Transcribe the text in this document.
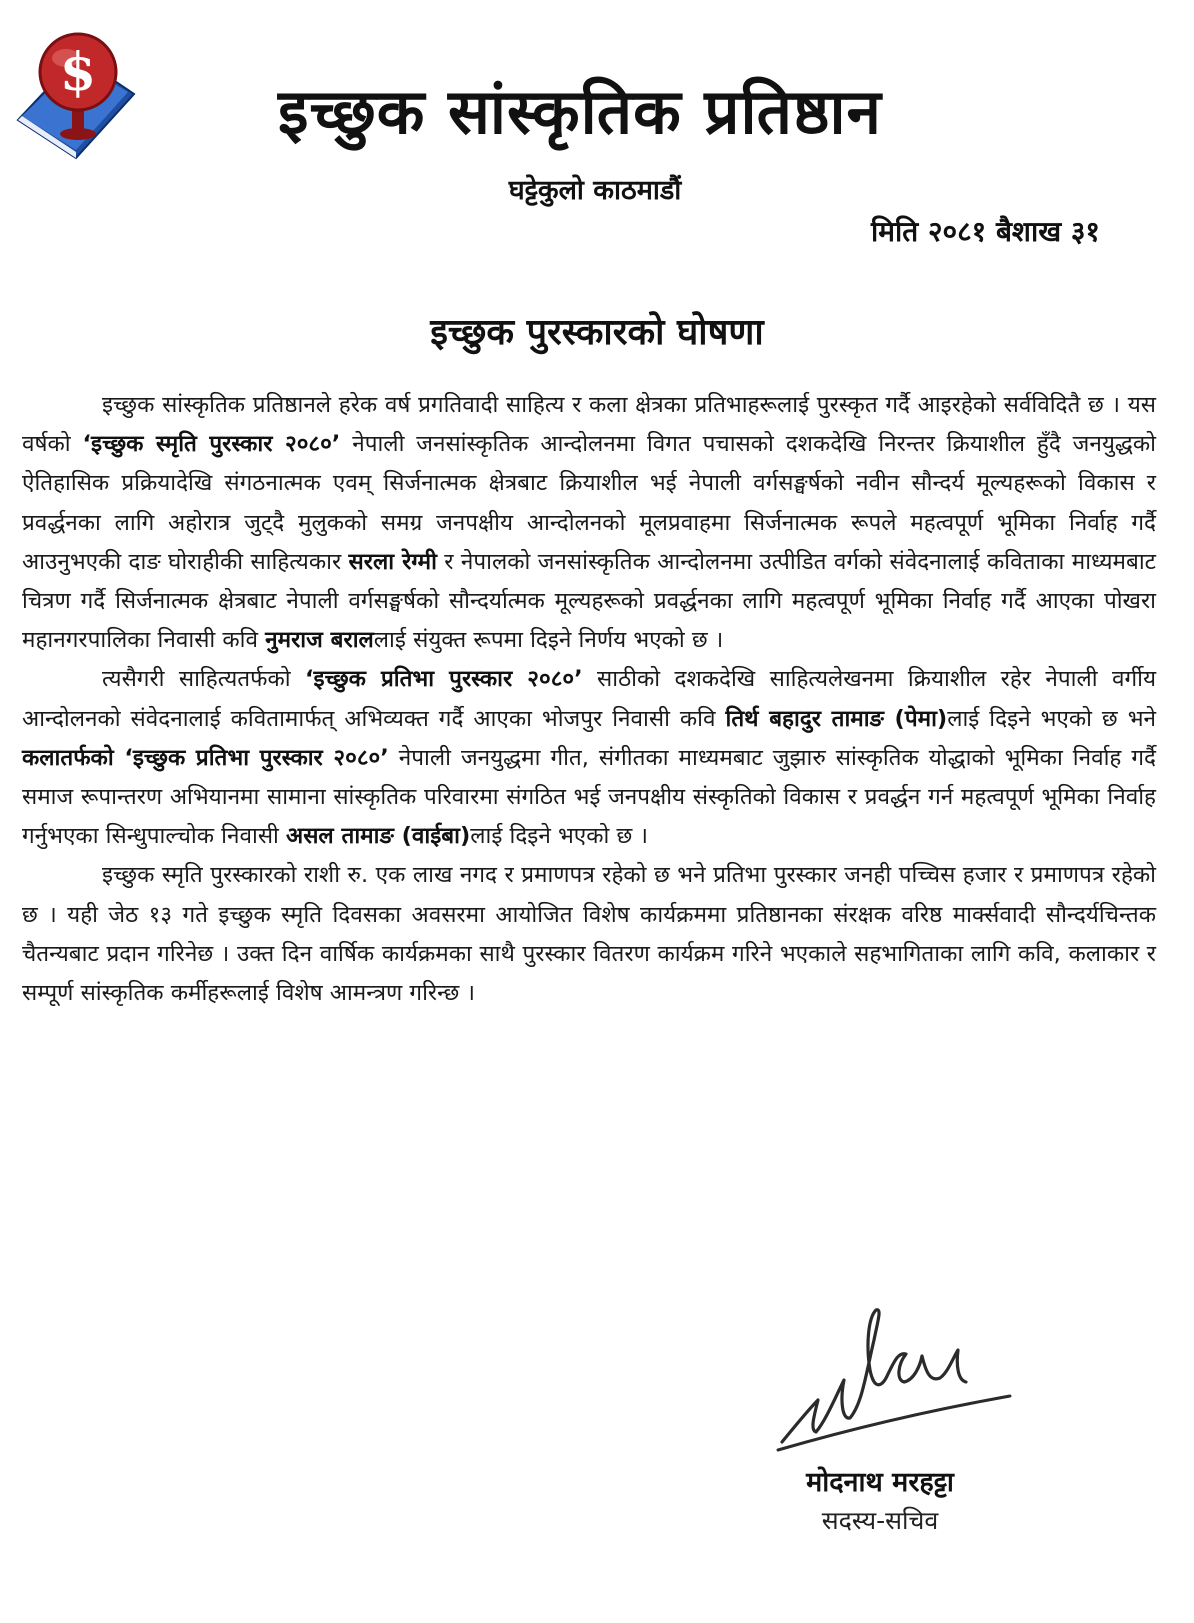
$
इच्छुक सांस्कृतिक प्रतिष्ठान
घट्टेकुलो काठमाडौं
मिति २०८१ बैशाख ३१
इच्छुक पुरस्कारको घोषणा

इच्छुक सांस्कृतिक प्रतिष्ठानले हरेक वर्ष प्रगतिवादी साहित्य र कला क्षेत्रका प्रतिभाहरूलाई पुरस्कृत गर्दै आइरहेको सर्वविदितै छ । यस वर्षको ‘इच्छुक स्मृति पुरस्कार २०८०’ नेपाली जनसांस्कृतिक आन्दोलनमा विगत पचासको दशकदेखि निरन्तर क्रियाशील हुँदै जनयुद्धको ऐतिहासिक प्रक्रियादेखि संगठनात्मक एवम् सिर्जनात्मक क्षेत्रबाट क्रियाशील भई नेपाली वर्गसङ्घर्षको नवीन सौन्दर्य मूल्यहरूको विकास र प्रवर्द्धनका लागि अहोरात्र जुट्दै मुलुकको समग्र जनपक्षीय आन्दोलनको मूलप्रवाहमा सिर्जनात्मक रूपले महत्वपूर्ण भूमिका निर्वाह गर्दै आउनुभएकी दाङ घोराहीकी साहित्यकार सरला रेग्मी र नेपालको जनसांस्कृतिक आन्दोलनमा उत्पीडित वर्गको संवेदनालाई कविताका माध्यमबाट चित्रण गर्दै सिर्जनात्मक क्षेत्रबाट नेपाली वर्गसङ्घर्षको सौन्दर्यात्मक मूल्यहरूको प्रवर्द्धनका लागि महत्वपूर्ण भूमिका निर्वाह गर्दै आएका पोखरा महानगरपालिका निवासी कवि नुमराज बराललाई संयुक्त रूपमा दिइने निर्णय भएको छ ।

त्यसैगरी साहित्यतर्फको ‘इच्छुक प्रतिभा पुरस्कार २०८०’ साठीको दशकदेखि साहित्यलेखनमा क्रियाशील रहेर नेपाली वर्गीय आन्दोलनको संवेदनालाई कवितामार्फत् अभिव्यक्त गर्दै आएका भोजपुर निवासी कवि तिर्थ बहादुर तामाङ (पेमा)लाई दिइने भएको छ भने कलातर्फको ‘इच्छुक प्रतिभा पुरस्कार २०८०’ नेपाली जनयुद्धमा गीत, संगीतका माध्यमबाट जुझारु सांस्कृतिक योद्धाको भूमिका निर्वाह गर्दै समाज रूपान्तरण अभियानमा सामाना सांस्कृतिक परिवारमा संगठित भई जनपक्षीय संस्कृतिको विकास र प्रवर्द्धन गर्न महत्वपूर्ण भूमिका निर्वाह गर्नुभएका सिन्धुपाल्चोक निवासी असल तामाङ (वाईबा)लाई दिइने भएको छ ।

इच्छुक स्मृति पुरस्कारको राशी रु. एक लाख नगद र प्रमाणपत्र रहेको छ भने प्रतिभा पुरस्कार जनही पच्चिस हजार र प्रमाणपत्र रहेको छ । यही जेठ १३ गते इच्छुक स्मृति दिवसका अवसरमा आयोजित विशेष कार्यक्रममा प्रतिष्ठानका संरक्षक वरिष्ठ मार्क्सवादी सौन्दर्यचिन्तक चैतन्यबाट प्रदान गरिनेछ । उक्त दिन वार्षिक कार्यक्रमका साथै पुरस्कार वितरण कार्यक्रम गरिने भएकाले सहभागिताका लागि कवि, कलाकार र सम्पूर्ण सांस्कृतिक कर्मीहरूलाई विशेष आमन्त्रण गरिन्छ ।

मोदनाथ मरहट्टा
सदस्य-सचिव
